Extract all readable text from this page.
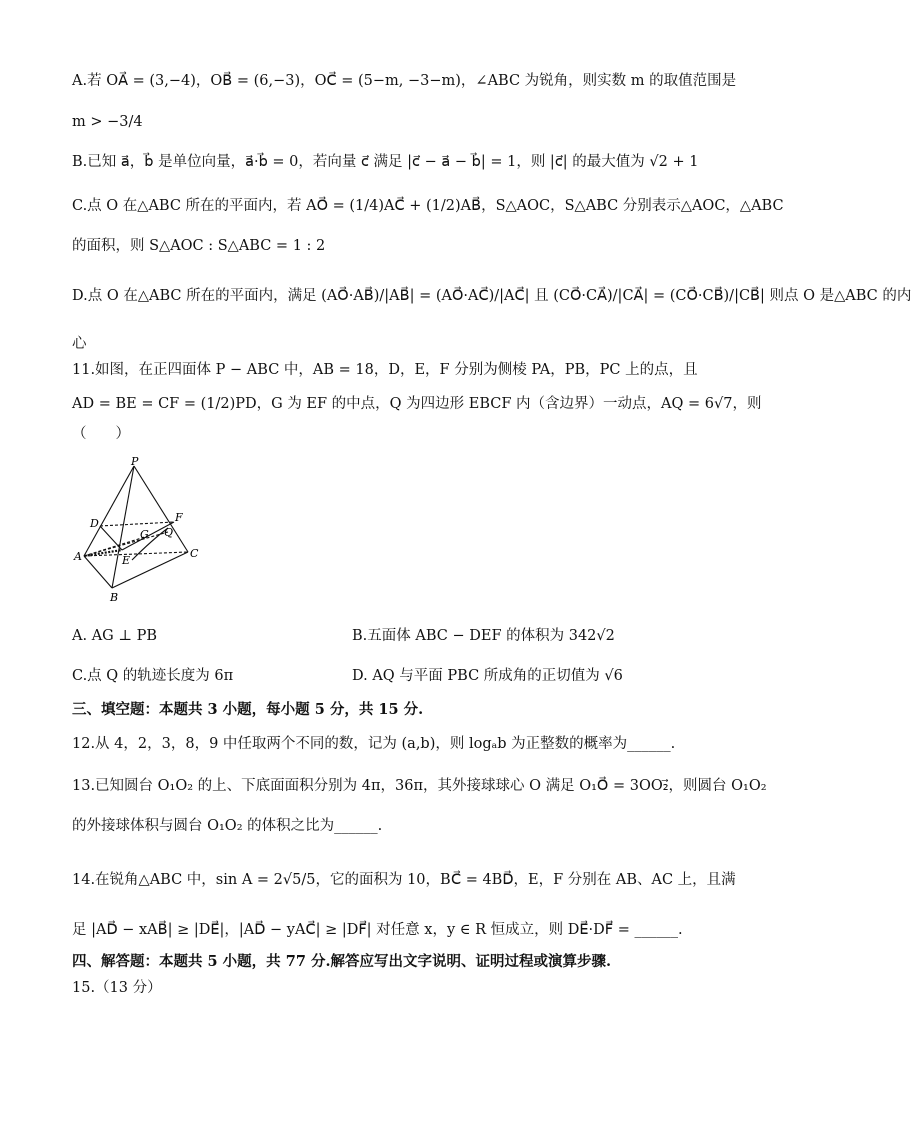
A.若 OA⃗ = (3,−4)，OB⃗ = (6,−3)，OC⃗ = (5−m, −3−m)，∠ABC 为锐角，则实数 m 的取值范围是
m > −3/4
B.已知 a⃗，b⃗ 是单位向量，a⃗·b⃗ = 0，若向量 c⃗ 满足 |c⃗ − a⃗ − b⃗| = 1，则 |c⃗| 的最大值为 √2 + 1
C.点 O 在△ABC 所在的平面内，若 AO⃗ = (1/4)AC⃗ + (1/2)AB⃗，S△AOC，S△ABC 分别表示△AOC，△ABC
的面积，则 S△AOC : S△ABC = 1 : 2
D.点 O 在△ABC 所在的平面内，满足 (AO⃗·AB⃗)/|AB⃗| = (AO⃗·AC⃗)/|AC⃗| 且 (CO⃗·CA⃗)/|CA⃗| = (CO⃗·CB⃗)/|CB⃗| 则点 O 是△ABC 的内
心
11.如图，在正四面体 P − ABC 中，AB = 18，D，E，F 分别为侧棱 PA，PB，PC 上的点，且
AD = BE = CF = (1/2)PD，G 为 EF 的中点，Q 为四边形 EBCF 内（含边界）一动点，AQ = 6√7，则
（　　）
P
D
G
F
Q
A	E
C
B
A. AG ⊥ PB	B.五面体 ABC − DEF 的体积为 342√2
C.点 Q 的轨迹长度为 6π	D. AQ 与平面 PBC 所成角的正切值为 √6
三、填空题：本题共 3 小题，每小题 5 分，共 15 分.
12.从 4，2，3，8，9 中任取两个不同的数，记为 (a,b)，则 logₐb 为正整数的概率为______.
13.已知圆台 O₁O₂ 的上、下底面面积分别为 4π，36π，其外接球球心 O 满足 O₁O⃗ = 3OO₂⃗，则圆台 O₁O₂
的外接球体积与圆台 O₁O₂ 的体积之比为______.
14.在锐角△ABC 中，sin A = 2√5/5，它的面积为 10，BC⃗ = 4BD⃗，E，F 分别在 AB、AC 上，且满
足 |AD⃗ − xAB⃗| ≥ |DE⃗|，|AD⃗ − yAC⃗| ≥ |DF⃗| 对任意 x，y ∈ R 恒成立，则 DE⃗·DF⃗ = ______.
四、解答题：本题共 5 小题，共 77 分.解答应写出文字说明、证明过程或演算步骤.
15.（13 分）
